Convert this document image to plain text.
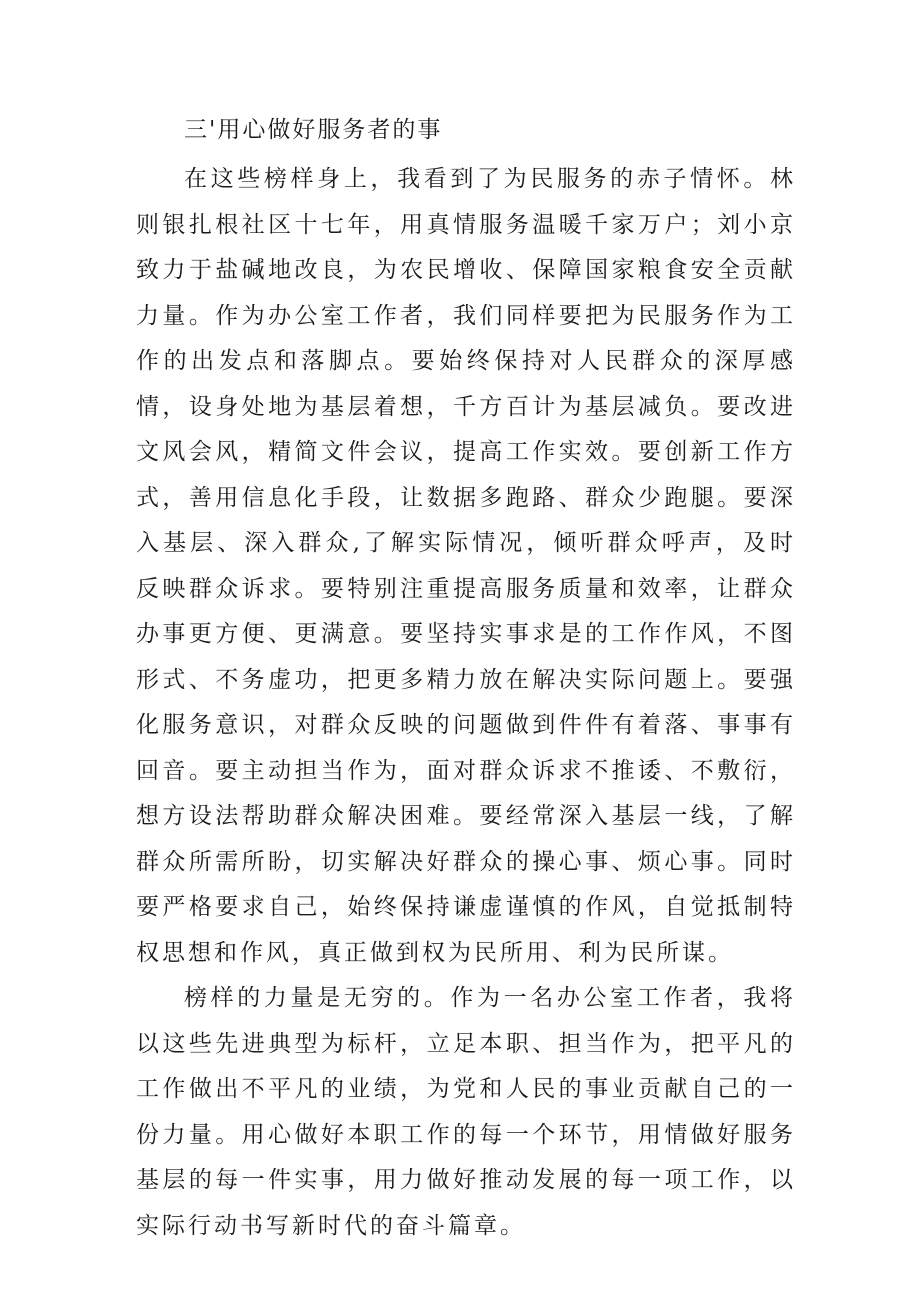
三'用心做好服务者的事

在这些榜样身上，我看到了为民服务的赤子情怀。林则银扎根社区十七年，用真情服务温暖千家万户；刘小京致力于盐碱地改良，为农民增收、保障国家粮食安全贡献力量。作为办公室工作者，我们同样要把为民服务作为工作的出发点和落脚点。要始终保持对人民群众的深厚感情，设身处地为基层着想，千方百计为基层减负。要改进文风会风，精简文件会议，提高工作实效。要创新工作方式，善用信息化手段，让数据多跑路、群众少跑腿。要深入基层、深入群众,了解实际情况，倾听群众呼声，及时反映群众诉求。要特别注重提高服务质量和效率，让群众办事更方便、更满意。要坚持实事求是的工作作风，不图形式、不务虚功，把更多精力放在解决实际问题上。要强化服务意识，对群众反映的问题做到件件有着落、事事有回音。要主动担当作为，面对群众诉求不推诿、不敷衍，想方设法帮助群众解决困难。要经常深入基层一线，了解群众所需所盼，切实解决好群众的操心事、烦心事。同时要严格要求自己，始终保持谦虚谨慎的作风，自觉抵制特权思想和作风，真正做到权为民所用、利为民所谋。

榜样的力量是无穷的。作为一名办公室工作者，我将以这些先进典型为标杆，立足本职、担当作为，把平凡的工作做出不平凡的业绩，为党和人民的事业贡献自己的一份力量。用心做好本职工作的每一个环节，用情做好服务基层的每一件实事，用力做好推动发展的每一项工作，以实际行动书写新时代的奋斗篇章。
